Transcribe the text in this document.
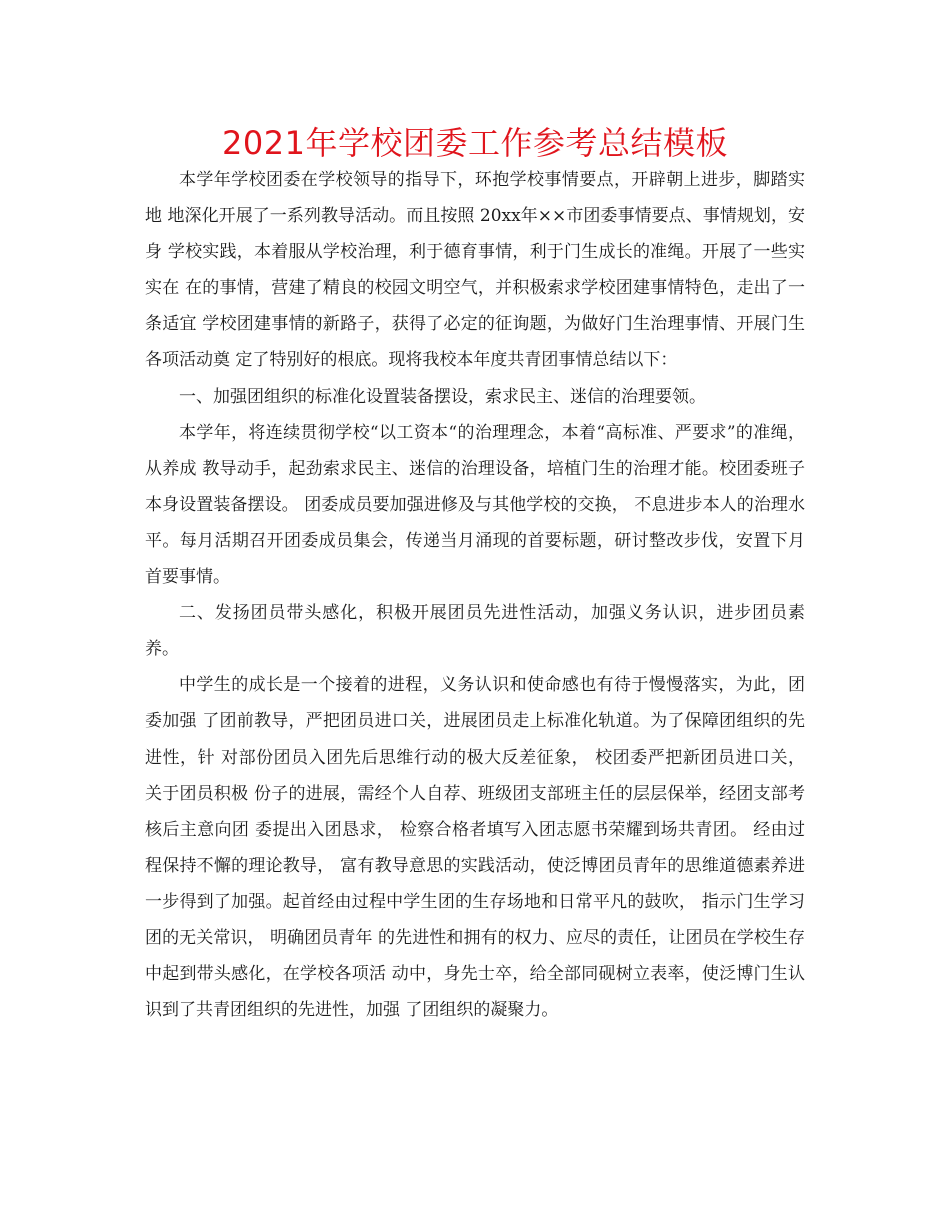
2021年学校团委工作参考总结模板

本学年学校团委在学校领导的指导下，环抱学校事情要点，开辟朝上进步，脚踏实地 地深化开展了一系列教导活动。而且按照 20xx年××市团委事情要点、事情规划，安身 学校实践，本着服从学校治理，利于德育事情，利于门生成长的准绳。开展了一些实实在 在的事情，营建了精良的校园文明空气，并积极索求学校团建事情特色，走出了一条适宜 学校团建事情的新路子，获得了必定的征询题，为做好门生治理事情、开展门生各项活动奠 定了特别好的根底。现将我校本年度共青团事情总结以下：

一、加强团组织的标准化设置装备摆设，索求民主、迷信的治理要领。

本学年，将连续贯彻学校“以工资本“的治理理念，本着“高标准、严要求”的准绳，从养成 教导动手，起劲索求民主、迷信的治理设备，培植门生的治理才能。校团委班子本身设置装备摆设。 团委成员要加强进修及与其他学校的交换， 不息进步本人的治理水 平。每月活期召开团委成员集会，传递当月涌现的首要标题，研讨整改步伐，安置下月 首要事情。

二、发扬团员带头感化，积极开展团员先进性活动，加强义务认识，进步团员素养。

中学生的成长是一个接着的进程，义务认识和使命感也有待于慢慢落实，为此，团委加强 了团前教导，严把团员进口关，进展团员走上标准化轨道。为了保障团组织的先进性，针 对部份团员入团先后思维行动的极大反差征象， 校团委严把新团员进口关， 关于团员积极 份子的进展，需经个人自荐、班级团支部班主任的层层保举，经团支部考核后主意向团 委提出入团恳求， 检察合格者填写入团志愿书荣耀到场共青团。 经由过程保持不懈的理论教导， 富有教导意思的实践活动，使泛博团员青年的思维道德素养进一步得到了加强。起首经由过程中学生团的生存场地和日常平凡的鼓吹， 指示门生学习团的无关常识， 明确团员青年 的先进性和拥有的权力、应尽的责任，让团员在学校生存中起到带头感化，在学校各项活 动中，身先士卒，给全部同砚树立表率，使泛博门生认识到了共青团组织的先进性，加强 了团组织的凝聚力。
